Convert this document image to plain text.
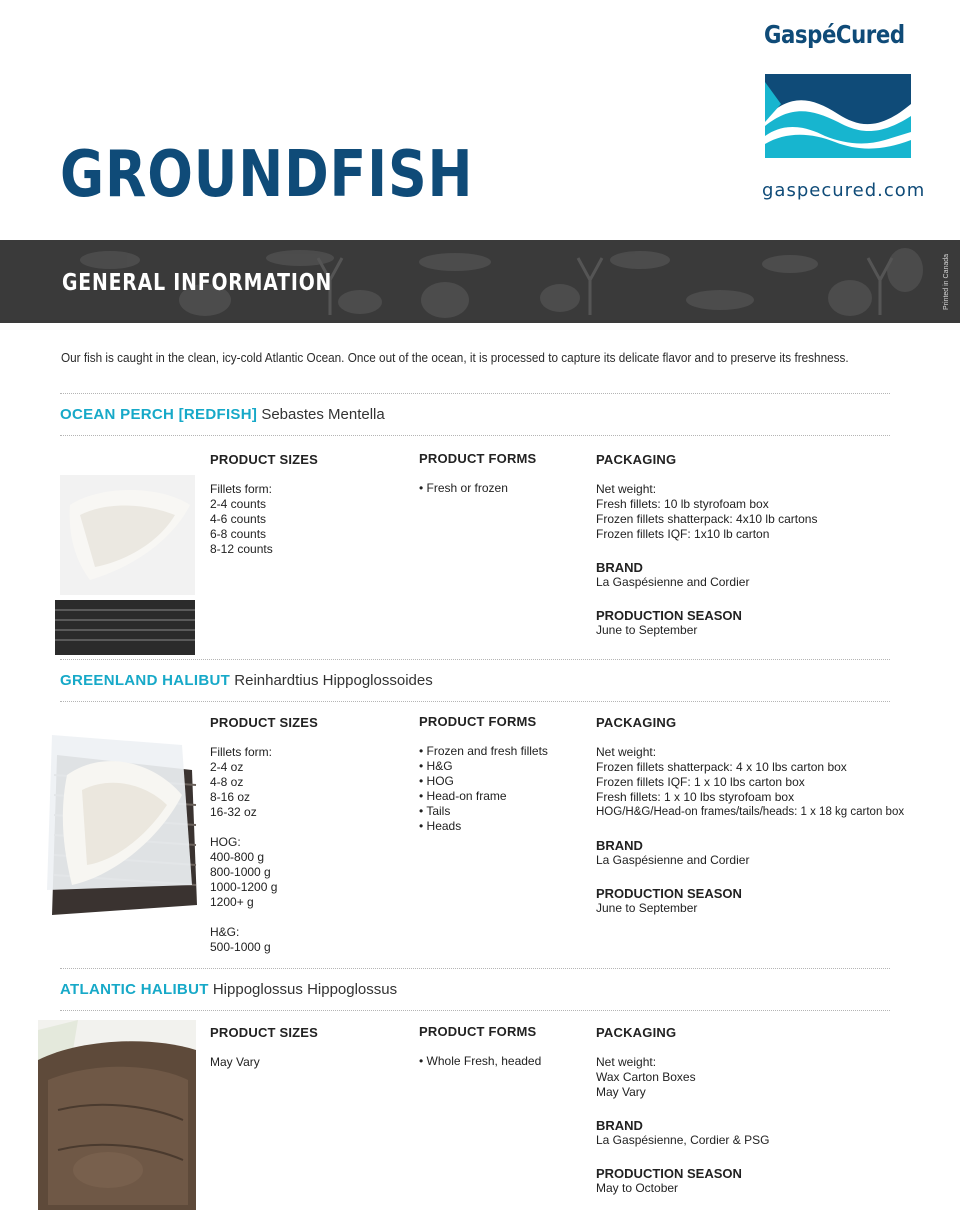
GROUNDFISH
GaspéCured
gaspecured.com
GENERAL INFORMATION	Printed in Canada
Our fish is caught in the clean, icy-cold Atlantic Ocean. Once out of the ocean, it is processed to capture its delicate flavor and to preserve its freshness.
OCEAN PERCH [REDFISH] Sebastes Mentella
PRODUCT SIZES
Fillets form:
2-4 counts
4-6 counts
6-8 counts
8-12 counts
PRODUCT FORMS
• Fresh or frozen
PACKAGING
Net weight:
Fresh fillets: 10 lb styrofoam box
Frozen fillets shatterpack: 4x10 lb cartons
Frozen fillets IQF: 1x10 lb carton
BRAND
La Gaspésienne and Cordier
PRODUCTION SEASON
June to September
GREENLAND HALIBUT Reinhardtius Hippoglossoides
PRODUCT SIZES
Fillets form:
2-4 oz
4-8 oz
8-16 oz
16-32 oz
HOG:
400-800 g
800-1000 g
1000-1200 g
1200+ g
H&G:
500-1000 g
PRODUCT FORMS
• Frozen and fresh fillets
• H&G
• HOG
• Head-on frame
• Tails
• Heads
PACKAGING
Net weight:
Frozen fillets shatterpack: 4 x 10 lbs carton box
Frozen fillets IQF: 1 x 10 lbs carton box
Fresh fillets: 1 x 10 lbs styrofoam box
HOG/H&G/Head-on frames/tails/heads: 1 x 18 kg carton box
BRAND
La Gaspésienne and Cordier
PRODUCTION SEASON
June to September
ATLANTIC HALIBUT Hippoglossus Hippoglossus
PRODUCT SIZES
May Vary
PRODUCT FORMS
• Whole Fresh, headed
PACKAGING
Net weight:
Wax Carton Boxes
May Vary
BRAND
La Gaspésienne, Cordier & PSG
PRODUCTION SEASON
May to October
